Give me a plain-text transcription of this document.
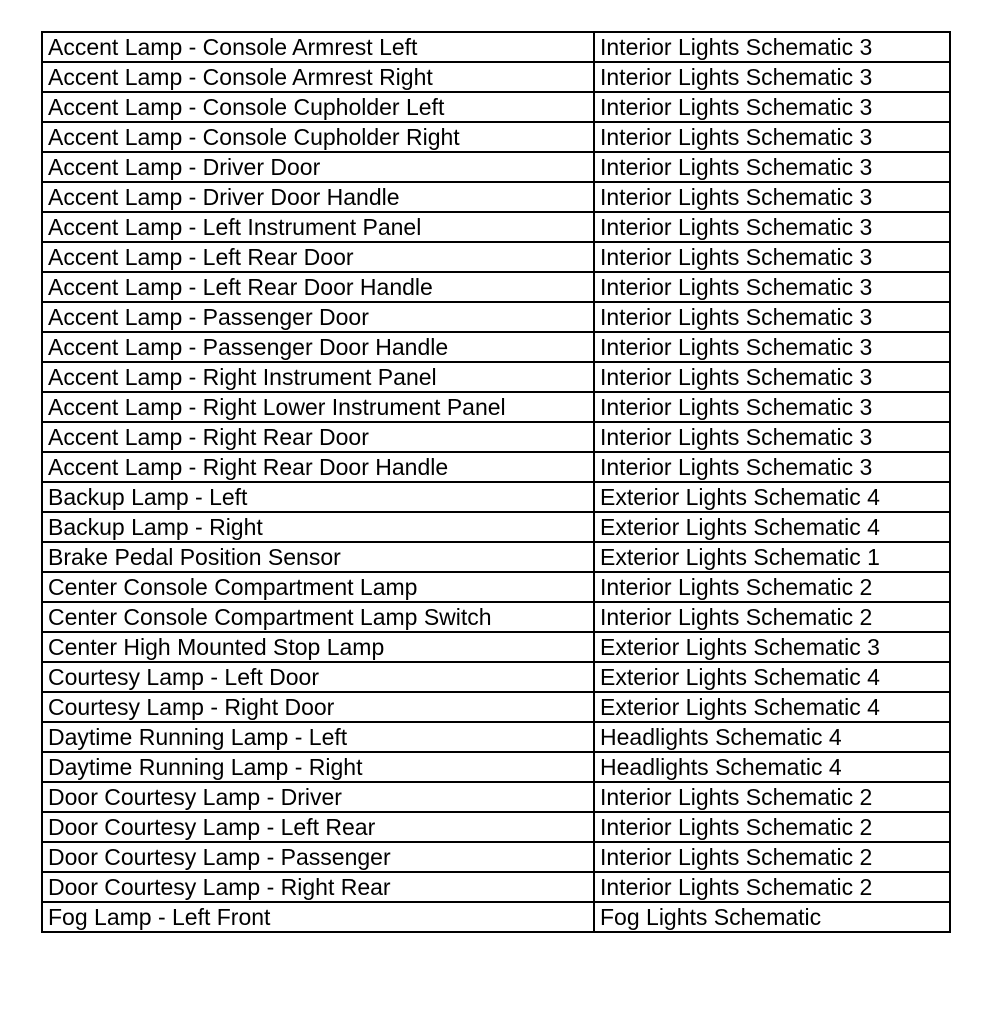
Accent Lamp - Console Armrest Left	Interior Lights Schematic 3
Accent Lamp - Console Armrest Right	Interior Lights Schematic 3
Accent Lamp - Console Cupholder Left	Interior Lights Schematic 3
Accent Lamp - Console Cupholder Right	Interior Lights Schematic 3
Accent Lamp - Driver Door	Interior Lights Schematic 3
Accent Lamp - Driver Door Handle	Interior Lights Schematic 3
Accent Lamp - Left Instrument Panel	Interior Lights Schematic 3
Accent Lamp - Left Rear Door	Interior Lights Schematic 3
Accent Lamp - Left Rear Door Handle	Interior Lights Schematic 3
Accent Lamp - Passenger Door	Interior Lights Schematic 3
Accent Lamp - Passenger Door Handle	Interior Lights Schematic 3
Accent Lamp - Right Instrument Panel	Interior Lights Schematic 3
Accent Lamp - Right Lower Instrument Panel	Interior Lights Schematic 3
Accent Lamp - Right Rear Door	Interior Lights Schematic 3
Accent Lamp - Right Rear Door Handle	Interior Lights Schematic 3
Backup Lamp - Left	Exterior Lights Schematic 4
Backup Lamp - Right	Exterior Lights Schematic 4
Brake Pedal Position Sensor	Exterior Lights Schematic 1
Center Console Compartment Lamp	Interior Lights Schematic 2
Center Console Compartment Lamp Switch	Interior Lights Schematic 2
Center High Mounted Stop Lamp	Exterior Lights Schematic 3
Courtesy Lamp - Left Door	Exterior Lights Schematic 4
Courtesy Lamp - Right Door	Exterior Lights Schematic 4
Daytime Running Lamp - Left	Headlights Schematic 4
Daytime Running Lamp - Right	Headlights Schematic 4
Door Courtesy Lamp - Driver	Interior Lights Schematic 2
Door Courtesy Lamp - Left Rear	Interior Lights Schematic 2
Door Courtesy Lamp - Passenger	Interior Lights Schematic 2
Door Courtesy Lamp - Right Rear	Interior Lights Schematic 2
Fog Lamp - Left Front	Fog Lights Schematic
